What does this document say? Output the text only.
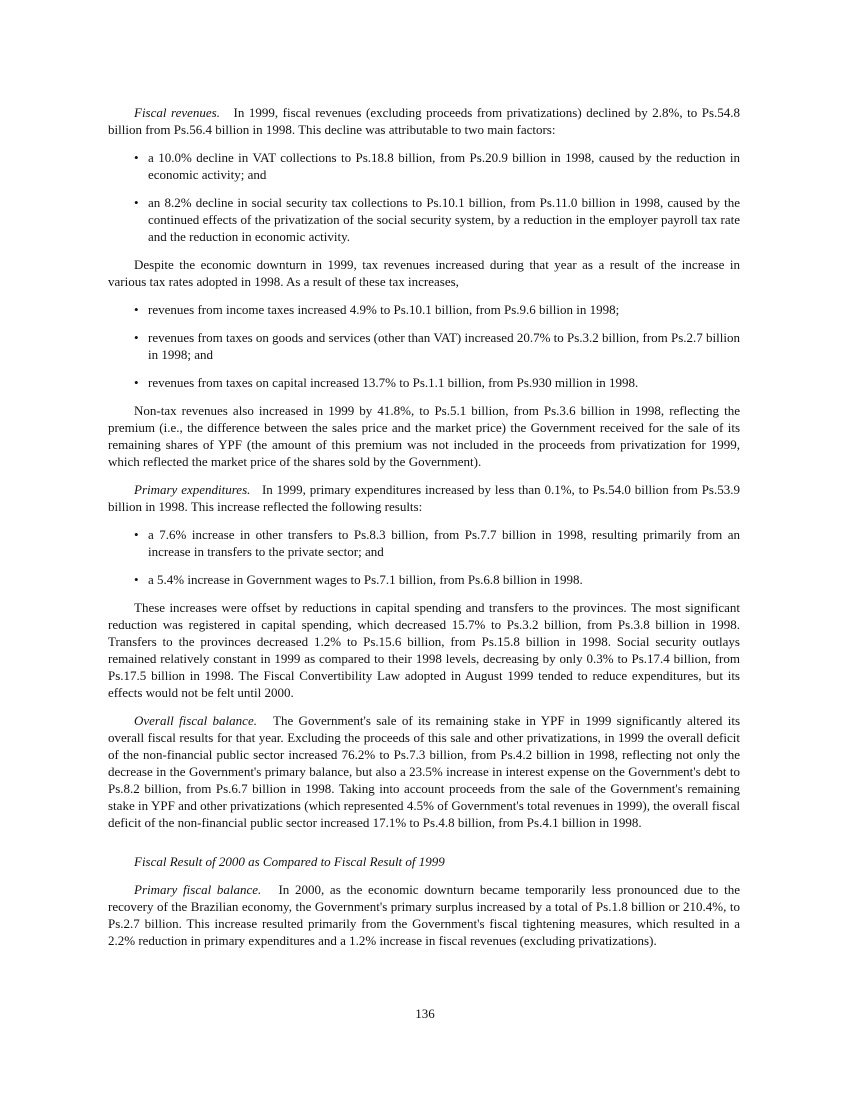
Fiscal revenues. In 1999, fiscal revenues (excluding proceeds from privatizations) declined by 2.8%, to Ps.54.8 billion from Ps.56.4 billion in 1998. This decline was attributable to two main factors:

• a 10.0% decline in VAT collections to Ps.18.8 billion, from Ps.20.9 billion in 1998, caused by the reduction in economic activity; and
• an 8.2% decline in social security tax collections to Ps.10.1 billion, from Ps.11.0 billion in 1998, caused by the continued effects of the privatization of the social security system, by a reduction in the employer payroll tax rate and the reduction in economic activity.

Despite the economic downturn in 1999, tax revenues increased during that year as a result of the increase in various tax rates adopted in 1998. As a result of these tax increases,

• revenues from income taxes increased 4.9% to Ps.10.1 billion, from Ps.9.6 billion in 1998;
• revenues from taxes on goods and services (other than VAT) increased 20.7% to Ps.3.2 billion, from Ps.2.7 billion in 1998; and
• revenues from taxes on capital increased 13.7% to Ps.1.1 billion, from Ps.930 million in 1998.

Non-tax revenues also increased in 1999 by 41.8%, to Ps.5.1 billion, from Ps.3.6 billion in 1998, reflecting the premium (i.e., the difference between the sales price and the market price) the Government received for the sale of its remaining shares of YPF (the amount of this premium was not included in the proceeds from privatization for 1999, which reflected the market price of the shares sold by the Government).

Primary expenditures. In 1999, primary expenditures increased by less than 0.1%, to Ps.54.0 billion from Ps.53.9 billion in 1998. This increase reflected the following results:

• a 7.6% increase in other transfers to Ps.8.3 billion, from Ps.7.7 billion in 1998, resulting primarily from an increase in transfers to the private sector; and
• a 5.4% increase in Government wages to Ps.7.1 billion, from Ps.6.8 billion in 1998.

These increases were offset by reductions in capital spending and transfers to the provinces. The most significant reduction was registered in capital spending, which decreased 15.7% to Ps.3.2 billion, from Ps.3.8 billion in 1998. Transfers to the provinces decreased 1.2% to Ps.15.6 billion, from Ps.15.8 billion in 1998. Social security outlays remained relatively constant in 1999 as compared to their 1998 levels, decreasing by only 0.3% to Ps.17.4 billion, from Ps.17.5 billion in 1998. The Fiscal Convertibility Law adopted in August 1999 tended to reduce expenditures, but its effects would not be felt until 2000.

Overall fiscal balance. The Government's sale of its remaining stake in YPF in 1999 significantly altered its overall fiscal results for that year. Excluding the proceeds of this sale and other privatizations, in 1999 the overall deficit of the non-financial public sector increased 76.2% to Ps.7.3 billion, from Ps.4.2 billion in 1998, reflecting not only the decrease in the Government's primary balance, but also a 23.5% increase in interest expense on the Government's debt to Ps.8.2 billion, from Ps.6.7 billion in 1998. Taking into account proceeds from the sale of the Government's remaining stake in YPF and other privatizations (which represented 4.5% of Government's total revenues in 1999), the overall fiscal deficit of the non-financial public sector increased 17.1% to Ps.4.8 billion, from Ps.4.1 billion in 1998.

Fiscal Result of 2000 as Compared to Fiscal Result of 1999

Primary fiscal balance. In 2000, as the economic downturn became temporarily less pronounced due to the recovery of the Brazilian economy, the Government's primary surplus increased by a total of Ps.1.8 billion or 210.4%, to Ps.2.7 billion. This increase resulted primarily from the Government's fiscal tightening measures, which resulted in a 2.2% reduction in primary expenditures and a 1.2% increase in fiscal revenues (excluding privatizations).

136
